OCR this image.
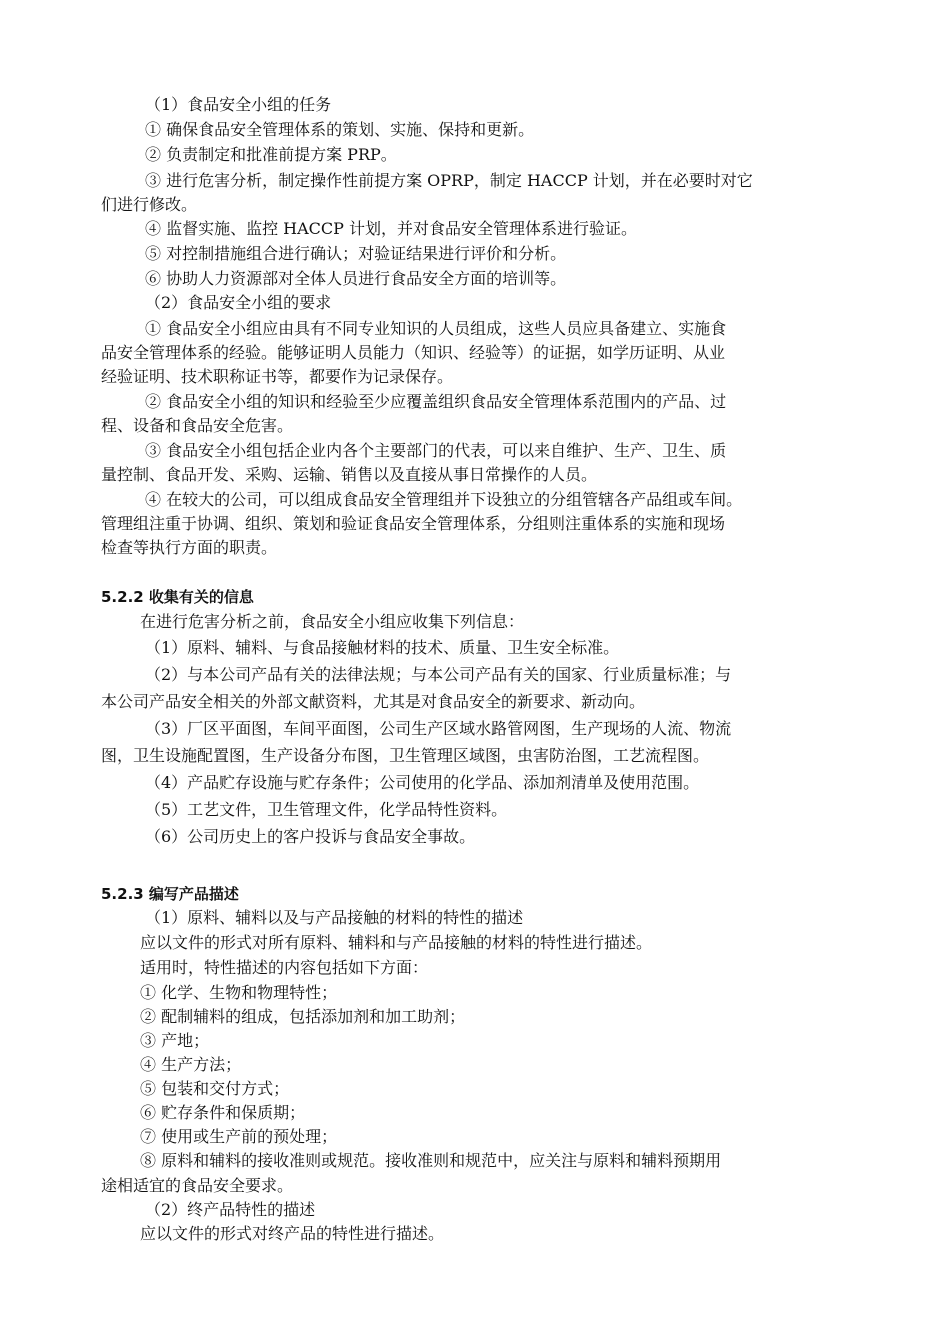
（1）食品安全小组的任务
① 确保食品安全管理体系的策划、实施、保持和更新。
② 负责制定和批准前提方案 PRP。
③ 进行危害分析，制定操作性前提方案 OPRP，制定 HACCP 计划，并在必要时对它
们进行修改。
④ 监督实施、监控 HACCP 计划，并对食品安全管理体系进行验证。
⑤ 对控制措施组合进行确认；对验证结果进行评价和分析。
⑥ 协助人力资源部对全体人员进行食品安全方面的培训等。
（2）食品安全小组的要求
① 食品安全小组应由具有不同专业知识的人员组成，这些人员应具备建立、实施食
品安全管理体系的经验。能够证明人员能力（知识、经验等）的证据，如学历证明、从业
经验证明、技术职称证书等，都要作为记录保存。
② 食品安全小组的知识和经验至少应覆盖组织食品安全管理体系范围内的产品、过
程、设备和食品安全危害。
③ 食品安全小组包括企业内各个主要部门的代表，可以来自维护、生产、卫生、质
量控制、食品开发、采购、运输、销售以及直接从事日常操作的人员。
④ 在较大的公司，可以组成食品安全管理组并下设独立的分组管辖各产品组或车间。
管理组注重于协调、组织、策划和验证食品安全管理体系，分组则注重体系的实施和现场
检查等执行方面的职责。
5.2.2 收集有关的信息
在进行危害分析之前，食品安全小组应收集下列信息：
（1）原料、辅料、与食品接触材料的技术、质量、卫生安全标准。
（2）与本公司产品有关的法律法规；与本公司产品有关的国家、行业质量标准；与
本公司产品安全相关的外部文献资料，尤其是对食品安全的新要求、新动向。
（3）厂区平面图，车间平面图，公司生产区域水路管网图，生产现场的人流、物流
图，卫生设施配置图，生产设备分布图，卫生管理区域图，虫害防治图，工艺流程图。
（4）产品贮存设施与贮存条件；公司使用的化学品、添加剂清单及使用范围。
（5）工艺文件，卫生管理文件，化学品特性资料。
（6）公司历史上的客户投诉与食品安全事故。
5.2.3 编写产品描述
（1）原料、辅料以及与产品接触的材料的特性的描述
应以文件的形式对所有原料、辅料和与产品接触的材料的特性进行描述。
适用时，特性描述的内容包括如下方面：
① 化学、生物和物理特性；
② 配制辅料的组成，包括添加剂和加工助剂；
③ 产地；
④ 生产方法；
⑤ 包装和交付方式；
⑥ 贮存条件和保质期；
⑦ 使用或生产前的预处理；
⑧ 原料和辅料的接收准则或规范。接收准则和规范中，应关注与原料和辅料预期用
途相适宜的食品安全要求。
（2）终产品特性的描述
应以文件的形式对终产品的特性进行描述。
